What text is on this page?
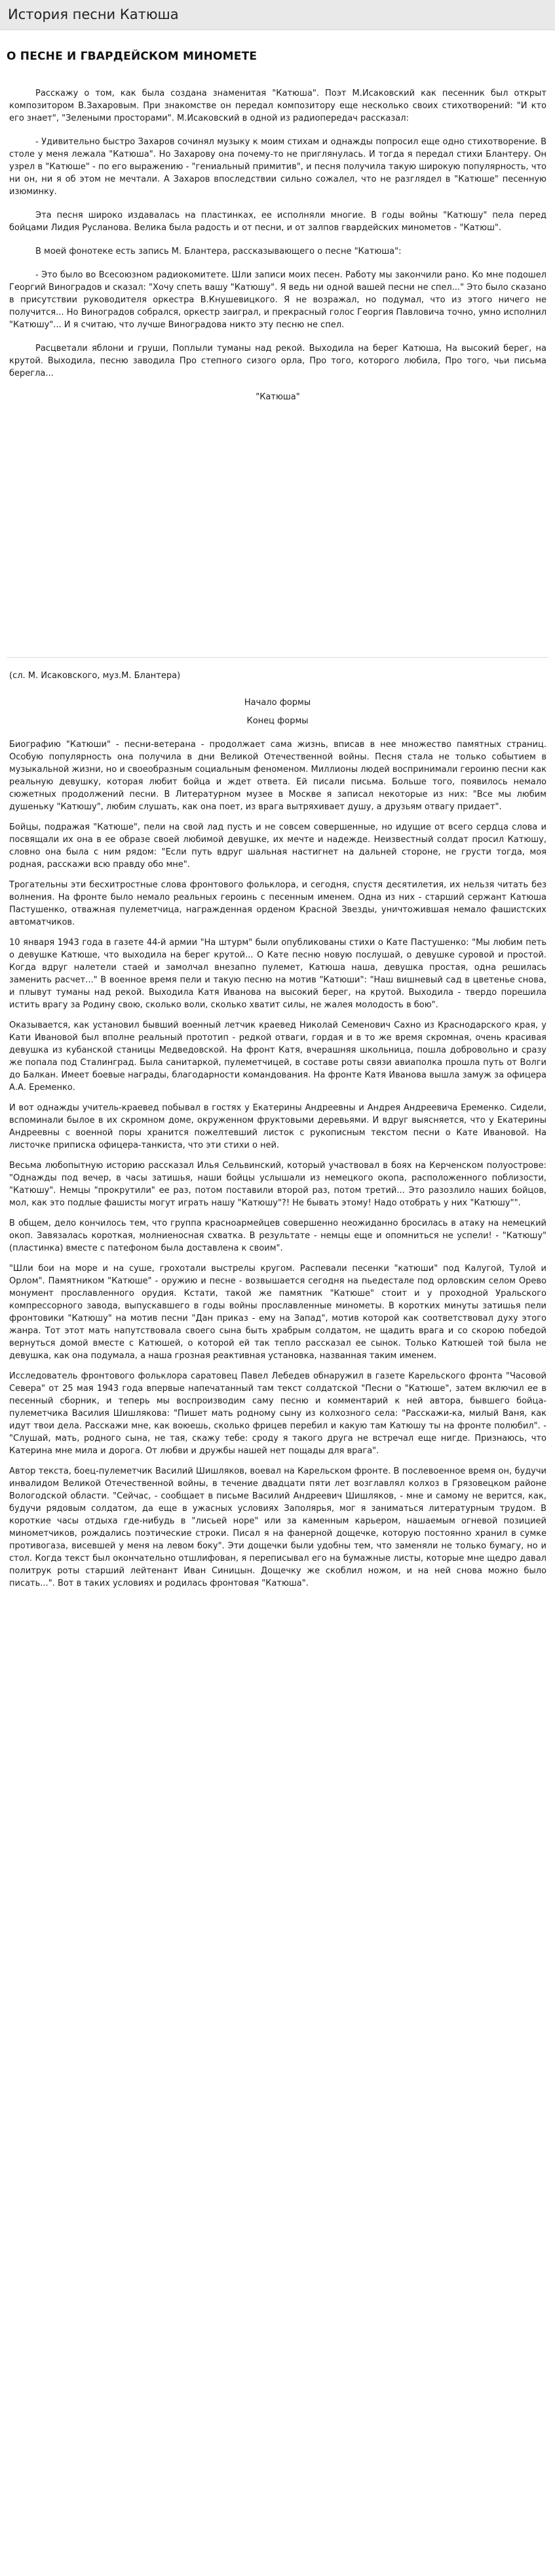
История песни Катюша
О ПЕСНЕ И ГВАРДЕЙСКОМ МИНОМЕТЕ

Расскажу о том, как была создана знаменитая "Катюша". Поэт М.Исаковский как песенник был открыт композитором В.Захаровым. При знакомстве он передал композитору еще несколько своих стихотворений: "И кто его знает", "Зелеными просторами". М.Исаковский в одной из радиопередач рассказал:

- Удивительно быстро Захаров сочинял музыку к моим стихам и однажды попросил еще одно стихотворение. В столе у меня лежала "Катюша". Но Захарову она почему-то не приглянулась. И тогда я передал стихи Блантеру. Он узрел в "Катюше" - по его выражению - "гениальный примитив", и песня получила такую широкую популярность, что ни он, ни я об этом не мечтали. А Захаров впоследствии сильно сожалел, что не разглядел в "Катюше" песенную изюминку.

Эта песня широко издавалась на пластинках, ее исполняли многие. В годы войны "Катюшу" пела перед бойцами Лидия Русланова. Велика была радость и от песни, и от залпов гвардейских минометов - "Катюш".

В моей фонотеке есть запись М. Блантера, рассказывающего о песне "Катюша":

- Это было во Всесоюзном радиокомитете. Шли записи моих песен. Работу мы закончили рано. Ко мне подошел Георгий Виноградов и сказал: "Хочу спеть вашу "Катюшу". Я ведь ни одной вашей песни не спел..." Это было сказано в присутствии руководителя оркестра В.Кнушевицкого. Я не возражал, но подумал, что из этого ничего не получится... Но Виноградов собрался, оркестр заиграл, и прекрасный голос Георгия Павловича точно, умно исполнил "Катюшу"... И я считаю, что лучше Виноградова никто эту песню не спел.

Расцветали яблони и груши, Поплыли туманы над рекой. Выходила на берег Катюша, На высокий берег, на крутой. Выходила, песню заводила Про степного сизого орла, Про того, которого любила, Про того, чьи письма берегла...

"Катюша"

(сл. М. Исаковского, муз.М. Блантера)
Начало формы
Конец формы

Биографию "Катюши" - песни-ветерана - продолжает сама жизнь, вписав в нее множество памятных страниц. Особую популярность она получила в дни Великой Отечественной войны. Песня стала не только событием в музыкальной жизни, но и своеобразным социальным феноменом. Миллионы людей воспринимали героиню песни как реальную девушку, которая любит бойца и ждет ответа. Ей писали письма. Больше того, появилось немало сюжетных продолжений песни. В Литературном музее в Москве я записал некоторые из них: "Все мы любим душеньку "Катюшу", любим слушать, как она поет, из врага вытряхивает душу, а друзьям отвагу придает".

Бойцы, подражая "Катюше", пели на свой лад пусть и не совсем совершенные, но идущие от всего сердца слова и посвящали их она в ее образе своей любимой девушке, их мечте и надежде. Неизвестный солдат просил Катюшу, словно она была с ним рядом: "Если путь вдруг шальная настигнет на дальней стороне, не грусти тогда, моя родная, расскажи всю правду обо мне".

Трогательны эти бесхитростные слова фронтового фольклора, и сегодня, спустя десятилетия, их нельзя читать без волнения. На фронте было немало реальных героинь с песенным именем. Одна из них - старший сержант Катюша Пастушенко, отважная пулеметчица, награжденная орденом Красной Звезды, уничтожившая немало фашистских автоматчиков.

10 января 1943 года в газете 44-й армии "На штурм" были опубликованы стихи о Кате Пастушенко: "Мы любим петь о девушке Катюше, что выходила на берег крутой... О Кате песню новую послушай, о девушке суровой и простой. Когда вдруг налетели стаей и замолчал внезапно пулемет, Катюша наша, девушка простая, одна решилась заменить расчет..." В военное время пели и такую песню на мотив "Катюши": "Наш вишневый сад в цветенье снова, и плывут туманы над рекой. Выходила Катя Иванова на высокий берег, на крутой. Выходила - твердо порешила истить врагу за Родину свою, сколько воли, сколько хватит силы, не жалея молодость в бою".

Оказывается, как установил бывший военный летчик краевед Николай Семенович Сахно из Краснодарского края, у Кати Ивановой был вполне реальный прототип - редкой отваги, гордая и в то же время скромная, очень красивая девушка из кубанской станицы Медведовской. На фронт Катя, вчерашняя школьница, пошла добровольно и сразу же попала под Сталинград. Была санитаркой, пулеметчицей, в составе роты связи авиаполка прошла путь от Волги до Балкан. Имеет боевые награды, благодарности командования. На фронте Катя Иванова вышла замуж за офицера А.А. Еременко.

И вот однажды учитель-краевед побывал в гостях у Екатерины Андреевны и Андрея Андреевича Еременко. Сидели, вспоминали былое в их скромном доме, окруженном фруктовыми деревьями. И вдруг выясняется, что у Екатерины Андреевны с военной поры хранится пожелтевший листок с рукописным текстом песни о Кате Ивановой. На листочке приписка офицера-танкиста, что эти стихи о ней.

Весьма любопытную историю рассказал Илья Сельвинский, который участвовал в боях на Керченском полуострове: "Однажды под вечер, в часы затишья, наши бойцы услышали из немецкого окопа, расположенного поблизости, "Катюшу". Немцы "прокрутили" ее раз, потом поставили второй раз, потом третий... Это разозлило наших бойцов, мол, как это подлые фашисты могут играть нашу "Катюшу"?! Не бывать этому! Надо отобрать у них "Катюшу"".

В общем, дело кончилось тем, что группа красноармейцев совершенно неожиданно бросилась в атаку на немецкий окоп. Завязалась короткая, молниеносная схватка. В результате - немцы еще и опомниться не успели! - "Катюшу" (пластинка) вместе с патефоном была доставлена к своим".

"Шли бои на море и на суше, грохотали выстрелы кругом. Распевали песенки "катюши" под Калугой, Тулой и Орлом". Памятником "Катюше" - оружию и песне - возвышается сегодня на пьедестале под орловским селом Орево монумент прославленного орудия. Кстати, такой же памятник "Катюше" стоит и у проходной Уральского компрессорного завода, выпускавшего в годы войны прославленные минометы. В коротких минуты затишья пели фронтовики "Катюшу" на мотив песни "Дан приказ - ему на Запад", мотив которой как соответствовал духу этого жанра. Тот этот мать напутствовала своего сына быть храбрым солдатом, не щадить врага и со скорою победой вернуться домой вместе с Катюшей, о которой ей так тепло рассказал ее сынок. Только Катюшей той была не девушка, как она подумала, а наша грозная реактивная установка, названная таким именем.

Исследователь фронтового фольклора саратовец Павел Лебедев обнаружил в газете Карельского фронта "Часовой Севера" от 25 мая 1943 года впервые напечатанный там текст солдатской "Песни о "Катюше", затем включил ее в песенный сборник, и теперь мы воспроизводим саму песню и комментарий к ней автора, бывшего бойца-пулеметчика Василия Шишлякова: "Пишет мать родному сыну из колхозного села: "Расскажи-ка, милый Ваня, как идут твои дела. Расскажи мне, как воюешь, сколько фрицев перебил и какую там Катюшу ты на фронте полюбил". - "Слушай, мать, родного сына, не тая, скажу тебе: сроду я такого друга не встречал еще нигде. Признаюсь, что Катерина мне мила и дорога. От любви и дружбы нашей нет пощады для врага".

Автор текста, боец-пулеметчик Василий Шишляков, воевал на Карельском фронте. В послевоенное время он, будучи инвалидом Великой Отечественной войны, в течение двадцати пяти лет возглавлял колхоз в Грязовецком районе Вологодской области. "Сейчас, - сообщает в письме Василий Андреевич Шишляков, - мне и самому не верится, как, будучи рядовым солдатом, да еще в ужасных условиях Заполярья, мог я заниматься литературным трудом. В короткие часы отдыха где-нибудь в "лисьей норе" или за каменным карьером, нашаемым огневой позицией минометчиков, рождались поэтические строки. Писал я на фанерной дощечке, которую постоянно хранил в сумке противогаза, висевшей у меня на левом боку". Эти дощечки были удобны тем, что заменяли не только бумагу, но и стол. Когда текст был окончательно отшлифован, я переписывал его на бумажные листы, которые мне щедро давал политрук роты старший лейтенант Иван Синицын. Дощечку же скоблил ножом, и на ней снова можно было писать...". Вот в таких условиях и родилась фронтовая "Катюша".
